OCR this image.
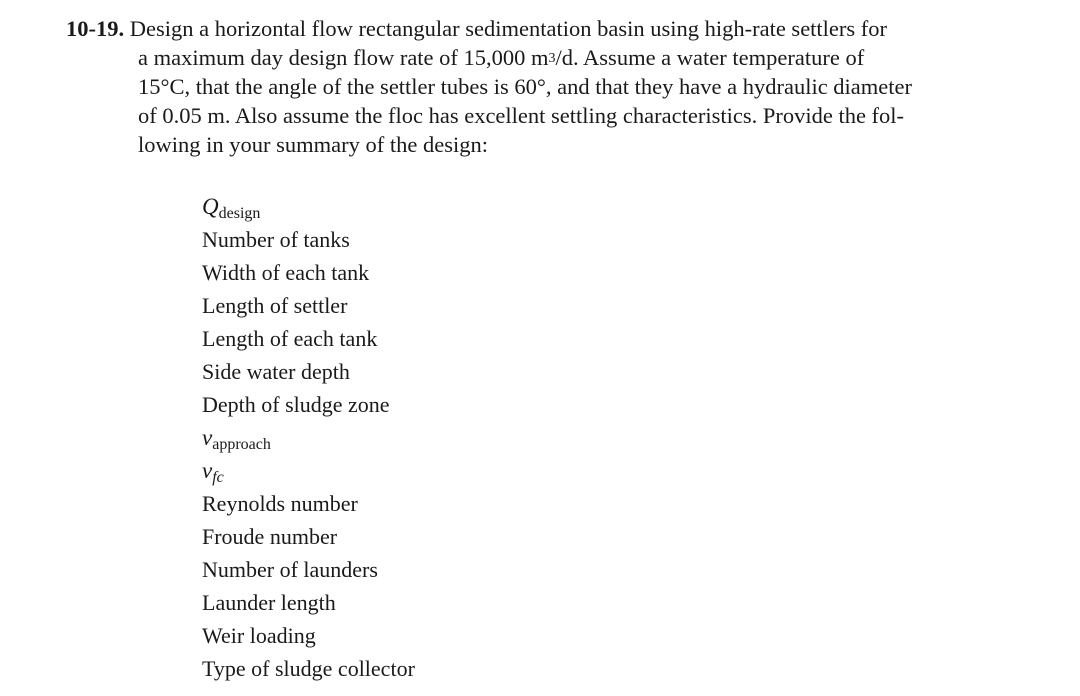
10-19. Design a horizontal flow rectangular sedimentation basin using high-rate settlers for
a maximum day design flow rate of 15,000 $m^3/d$. Assume a water temperature of
15°C, that the angle of the settler tubes is 60°, and that they have a hydraulic diameter
of 0.05 m. Also assume the floc has excellent settling characteristics. Provide the fol-
lowing in your summary of the design:
Qdesign
Number of tanks
Width of each tank
Length of settler
Length of each tank
Side water depth
Depth of sludge zone
vapproach
vfc
Reynolds number
Froude number
Number of launders
Launder length
Weir loading
Type of sludge collector
